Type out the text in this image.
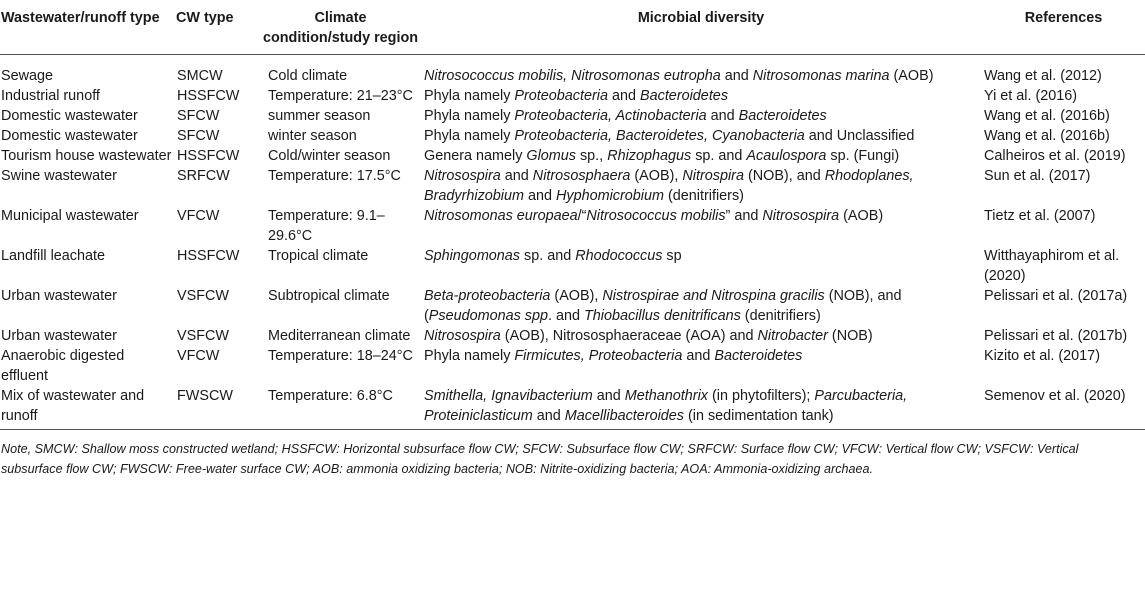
Wastewater/runoff type	CW type	Climate condition/study region	Microbial diversity	References
Sewage	SMCW	Cold climate	Nitrosococcus mobilis, Nitrosomonas eutropha and Nitrosomonas marina (AOB)	Wang et al. (2012)
Industrial runoff	HSSFCW	Temperature: 21–23°C	Phyla namely Proteobacteria and Bacteroidetes	Yi et al. (2016)
Domestic wastewater	SFCW	summer season	Phyla namely Proteobacteria, Actinobacteria and Bacteroidetes	Wang et al. (2016b)
Domestic wastewater	SFCW	winter season	Phyla namely Proteobacteria, Bacteroidetes, Cyanobacteria and Unclassified	Wang et al. (2016b)
Tourism house wastewater	HSSFCW	Cold/winter season	Genera namely Glomus sp., Rhizophagus sp. and Acaulospora sp. (Fungi)	Calheiros et al. (2019)
Swine wastewater	SRFCW	Temperature: 17.5°C	Nitrosospira and Nitrososphaera (AOB), Nitrospira (NOB), and Rhodoplanes, Bradyrhizobium and Hyphomicrobium (denitrifiers)	Sun et al. (2017)
Municipal wastewater	VFCW	Temperature: 9.1–29.6°C	Nitrosomonas europaea/“Nitrosococcus mobilis” and Nitrosospira (AOB)	Tietz et al. (2007)
Landfill leachate	HSSFCW	Tropical climate	Sphingomonas sp. and Rhodococcus sp	Witthayaphirom et al. (2020)
Urban wastewater	VSFCW	Subtropical climate	Beta-proteobacteria (AOB), Nistrospirae and Nitrospina gracilis (NOB), and (Pseudomonas spp. and Thiobacillus denitrificans (denitrifiers)	Pelissari et al. (2017a)
Urban wastewater	VSFCW	Mediterranean climate	Nitrosospira (AOB), Nitrososphaeraceae (AOA) and Nitrobacter (NOB)	Pelissari et al. (2017b)
Anaerobic digested effluent	VFCW	Temperature: 18–24°C	Phyla namely Firmicutes, Proteobacteria and Bacteroidetes	Kizito et al. (2017)
Mix of wastewater and runoff	FWSCW	Temperature: 6.8°C	Smithella, Ignavibacterium and Methanothrix (in phytofilters); Parcubacteria, Proteiniclasticum and Macellibacteroides (in sedimentation tank)	Semenov et al. (2020)
Note, SMCW: Shallow moss constructed wetland; HSSFCW: Horizontal subsurface flow CW; SFCW: Subsurface flow CW; SRFCW: Surface flow CW; VFCW: Vertical flow CW; VSFCW: Vertical subsurface flow CW; FWSCW: Free-water surface CW; AOB: ammonia oxidizing bacteria; NOB: Nitrite-oxidizing bacteria; AOA: Ammonia-oxidizing archaea.
